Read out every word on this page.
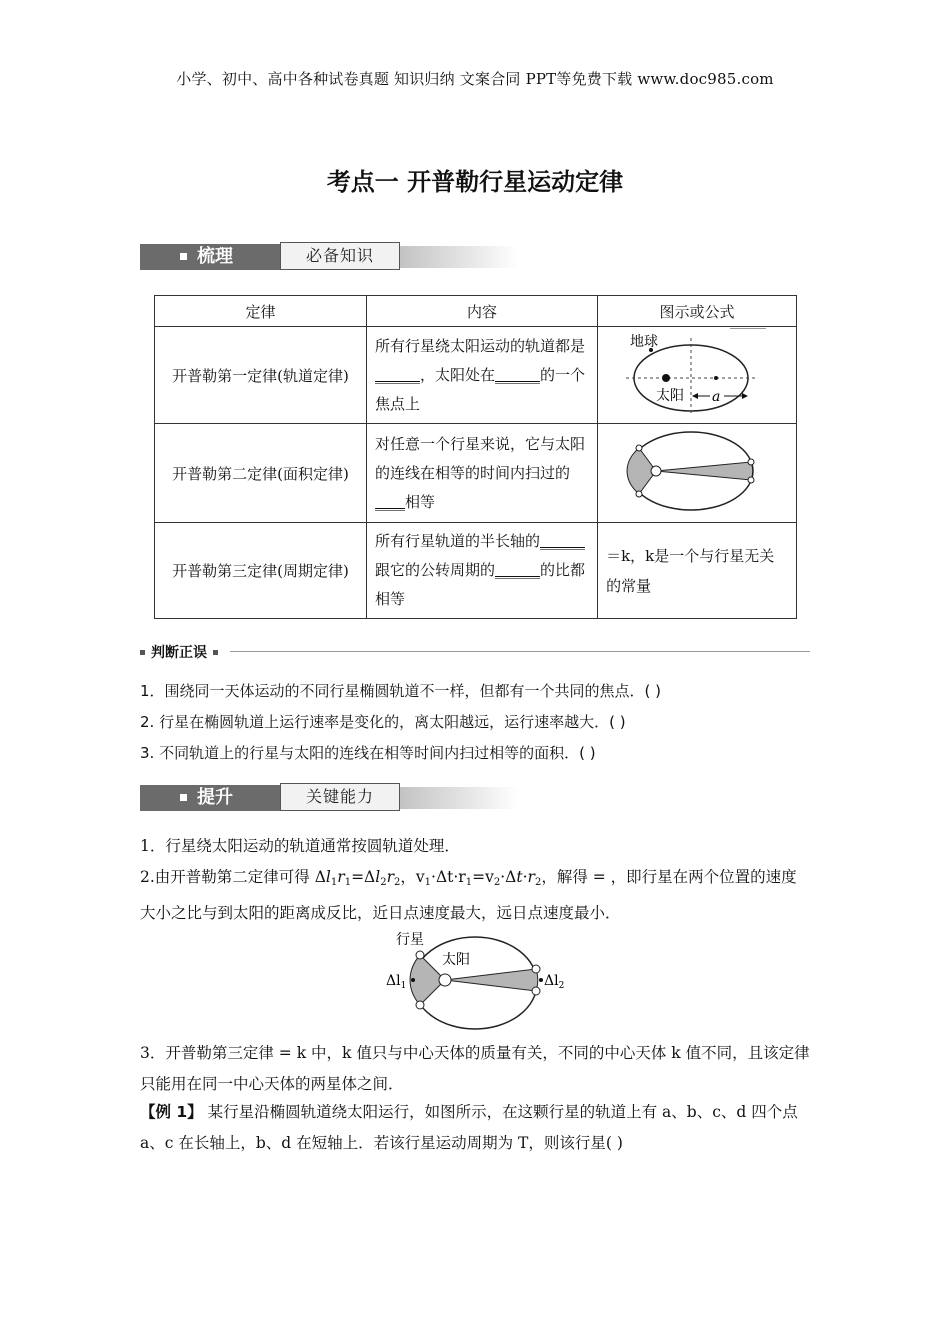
小学、初中、高中各种试卷真题 知识归纳 文案合同 PPT等免费下载 www.doc985.com
考点一 开普勒行星运动定律
梳理	必备知识
定律	内容	图示或公式
开普勒第一定律(轨道定律)	所有行星绕太阳运动的轨道都是______，太阳处在______的一个焦点上	地球
太阳 a

开普勒第二定律(面积定律)	对任意一个行星来说，它与太阳的连线在相等的时间内扫过的____相等	
开普勒第三定律(周期定律)	所有行星轨道的半长轴的______跟它的公转周期的______的比都相等	＝k，k是一个与行星无关的常量
判断正误
1．围绕同一天体运动的不同行星椭圆轨道不一样，但都有一个共同的焦点．( )
2. 行星在椭圆轨道上运行速率是变化的，离太阳越远，运行速率越大．( )
3. 不同轨道上的行星与太阳的连线在相等时间内扫过相等的面积．( )
提升	关键能力
1．行星绕太阳运动的轨道通常按圆轨道处理．
2.由开普勒第二定律可得 $\Delta l_1r_1=\Delta l_2r_2$，$v_1\cdot\Delta t\cdot r_1=v_2\cdot\Delta t\cdot r_2$，解得 = ，即行星在两个位置的速度大小之比与到太阳的距离成反比，近日点速度最大，远日点速度最小．
行星
太阳
$\Delta l_1$	$\Delta l_2$
3．开普勒第三定律 = k 中，k 值只与中心天体的质量有关，不同的中心天体 k 值不同，且该定律只能用在同一中心天体的两星体之间．
【例 1】 某行星沿椭圆轨道绕太阳运行，如图所示，在这颗行星的轨道上有 a、b、c、d 四个点 a、c 在长轴上，b、d 在短轴上．若该行星运动周期为 T，则该行星( )
